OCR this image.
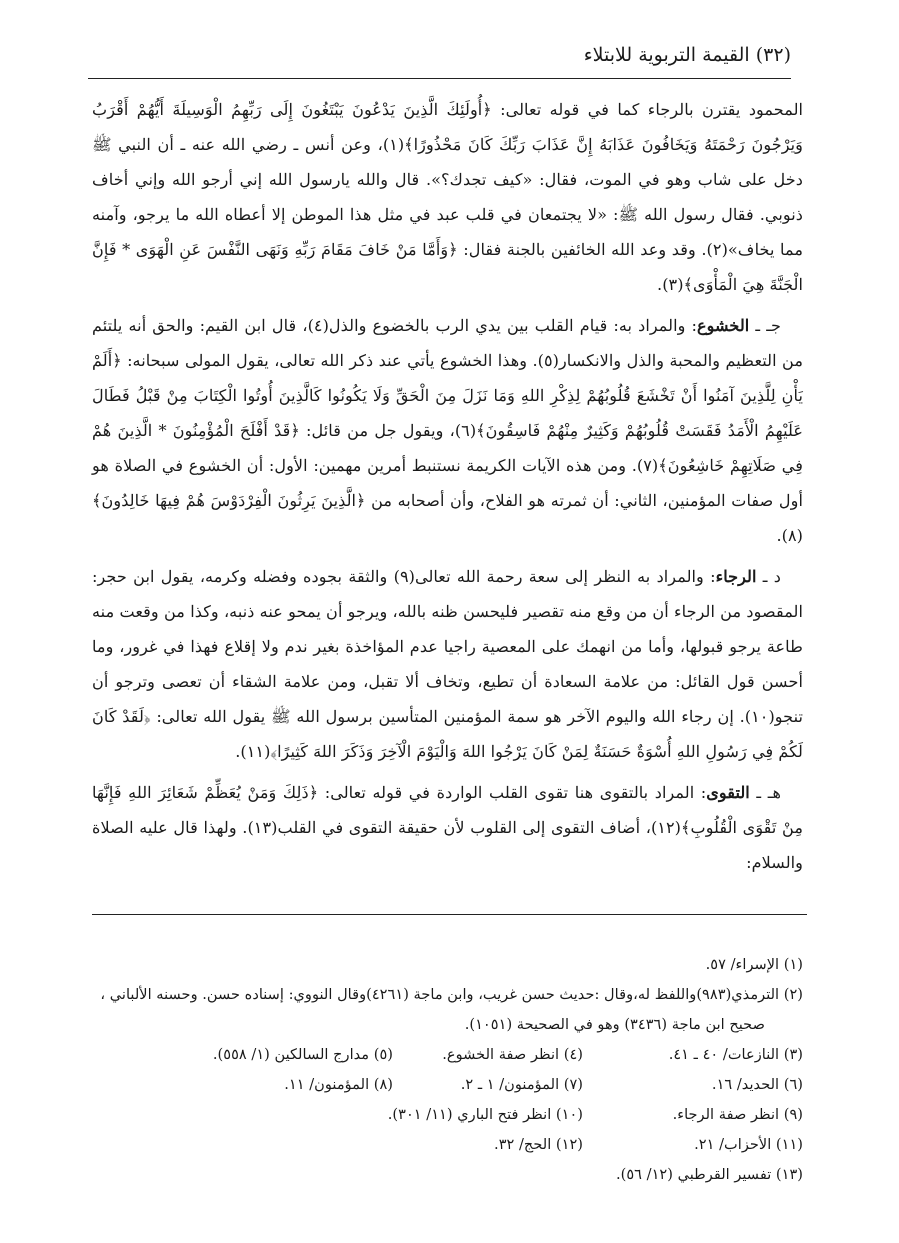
(٣٢) القيمة التربوية للابتلاء

المحمود يقترن بالرجاء كما في قوله تعالى: ﴿أُولَئِكَ الَّذِينَ يَدْعُونَ يَبْتَغُونَ إِلَى رَبِّهِمُ الْوَسِيلَةَ أَيُّهُمْ أَقْرَبُ وَيَرْجُونَ رَحْمَتَهُ وَيَخَافُونَ عَذَابَهُ إِنَّ عَذَابَ رَبِّكَ كَانَ مَحْذُورًا﴾(١)، وعن أنس ـ رضي الله عنه ـ أن النبي ﷺ دخل على شاب وهو في الموت، فقال: «كيف تجدك؟». قال والله يارسول الله إني أرجو الله وإني أخاف ذنوبي. فقال رسول الله ﷺ: «لا يجتمعان في قلب عبد في مثل هذا الموطن إلا أعطاه الله ما يرجو، وآمنه مما يخاف»(٢). وقد وعد الله الخائفين بالجنة فقال: ﴿وَأَمَّا مَنْ خَافَ مَقَامَ رَبِّهِ وَنَهَى النَّفْسَ عَنِ الْهَوَى * فَإِنَّ الْجَنَّةَ هِيَ الْمَأْوَى﴾(٣).

جـ ـ الخشوع: والمراد به: قيام القلب بين يدي الرب بالخضوع والذل(٤)، قال ابن القيم: والحق أنه يلتئم من التعظيم والمحبة والذل والانكسار(٥). وهذا الخشوع يأتي عند ذكر الله تعالى، يقول المولى سبحانه: ﴿أَلَمْ يَأْنِ لِلَّذِينَ آمَنُوا أَنْ تَخْشَعَ قُلُوبُهُمْ لِذِكْرِ اللهِ وَمَا نَزَلَ مِنَ الْحَقِّ وَلَا يَكُونُوا كَالَّذِينَ أُوتُوا الْكِتَابَ مِنْ قَبْلُ فَطَالَ عَلَيْهِمُ الْأَمَدُ فَقَسَتْ قُلُوبُهُمْ وَكَثِيرٌ مِنْهُمْ فَاسِقُونَ﴾(٦)، ويقول جل من قائل: ﴿قَدْ أَفْلَحَ الْمُؤْمِنُونَ * الَّذِينَ هُمْ فِي صَلَاتِهِمْ خَاشِعُونَ﴾(٧). ومن هذه الآيات الكريمة نستنبط أمرين مهمين: الأول: أن الخشوع في الصلاة هو أول صفات المؤمنين، الثاني: أن ثمرته هو الفلاح، وأن أصحابه من ﴿الَّذِينَ يَرِثُونَ الْفِرْدَوْسَ هُمْ فِيهَا خَالِدُونَ﴾(٨).

د ـ الرجاء: والمراد به النظر إلى سعة رحمة الله تعالى(٩) والثقة بجوده وفضله وكرمه، يقول ابن حجر: المقصود من الرجاء أن من وقع منه تقصير فليحسن ظنه بالله، ويرجو أن يمحو عنه ذنبه، وكذا من وقعت منه طاعة يرجو قبولها، وأما من انهمك على المعصية راجيا عدم المؤاخذة بغير ندم ولا إقلاع فهذا في غرور، وما أحسن قول القائل: من علامة السعادة أن تطيع، وتخاف ألا تقبل، ومن علامة الشقاء أن تعصى وترجو أن تنجو(١٠). إن رجاء الله واليوم الآخر هو سمة المؤمنين المتأسين برسول الله ﷺ يقول الله تعالى: ﴿لَقَدْ كَانَ لَكُمْ فِي رَسُولِ اللهِ أُسْوَةٌ حَسَنَةٌ لِمَنْ كَانَ يَرْجُوا اللهَ وَالْيَوْمَ الْآخِرَ وَذَكَرَ اللهَ كَثِيرًا﴾(١١).

هـ ـ التقوى: المراد بالتقوى هنا تقوى القلب الواردة في قوله تعالى: ﴿ذَلِكَ وَمَنْ يُعَظِّمْ شَعَائِرَ اللهِ فَإِنَّهَا مِنْ تَقْوَى الْقُلُوبِ﴾(١٢)، أضاف التقوى إلى القلوب لأن حقيقة التقوى في القلب(١٣). ولهذا قال عليه الصلاة والسلام:

(١) الإسراء/ ٥٧.
(٢) الترمذي(٩٨٣)واللفظ له،وقال :حديث حسن غريب، وابن ماجة (٤٢٦١)وقال النووي: إسناده حسن. وحسنه الألباني ،
صحيح ابن ماجة (٣٤٣٦) وهو في الصحيحة (١٠٥١).
(٣) النازعات/ ٤٠ ـ ٤١.
(٤) انظر صفة الخشوع.
(٥) مدارج السالكين (١/ ٥٥٨).
(٦) الحديد/ ١٦.
(٧) المؤمنون/ ١ ـ ٢.
(٨) المؤمنون/ ١١.
(٩) انظر صفة الرجاء.
(١٠) انظر فتح الباري (١١/ ٣٠١).
(١١) الأحزاب/ ٢١.
(١٢) الحج/ ٣٢.
(١٣) تفسير القرطبي (١٢/ ٥٦).
